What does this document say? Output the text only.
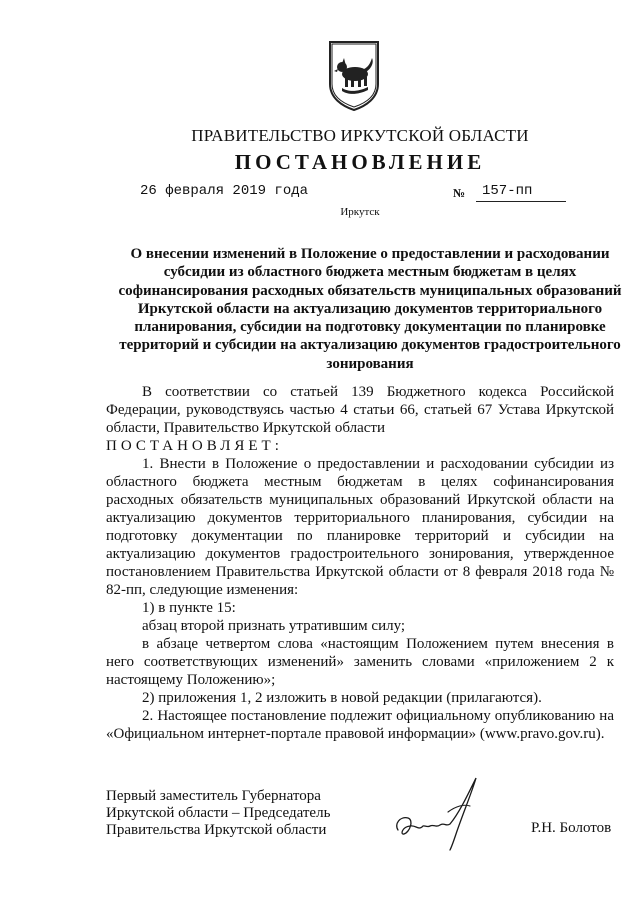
ПРАВИТЕЛЬСТВО ИРКУТСКОЙ ОБЛАСТИ
ПОСТАНОВЛЕНИЕ
26 февраля 2019 года	№ 157-пп
Иркутск
О внесении изменений в Положение о предоставлении и расходовании субсидии из областного бюджета местным бюджетам в целях софинансирования расходных обязательств муниципальных образований Иркутской области на актуализацию документов территориального планирования, субсидии на подготовку документации по планировке территорий и субсидии на актуализацию документов градостроительного зонирования

В соответствии со статьей 139 Бюджетного кодекса Российской Федерации, руководствуясь частью 4 статьи 66, статьей 67 Устава Иркутской области, Правительство Иркутской области

ПОСТАНОВЛЯЕТ:

1. Внести в Положение о предоставлении и расходовании субсидии из областного бюджета местным бюджетам в целях софинансирования расходных обязательств муниципальных образований Иркутской области на актуализацию документов территориального планирования, субсидии на подготовку документации по планировке территорий и субсидии на актуализацию документов градостроительного зонирования, утвержденное постановлением Правительства Иркутской области от 8 февраля 2018 года № 82-пп, следующие изменения:

1) в пункте 15:

абзац второй признать утратившим силу;

в абзаце четвертом слова «настоящим Положением путем внесения в него соответствующих изменений» заменить словами «приложением 2 к настоящему Положению»;

2) приложения 1, 2 изложить в новой редакции (прилагаются).

2. Настоящее постановление подлежит официальному опубликованию на «Официальном интернет-портале правовой информации» (www.pravo.gov.ru).

Первый заместитель Губернатора
Иркутской области – Председатель
Правительства Иркутской области	Р.Н. Болотов
